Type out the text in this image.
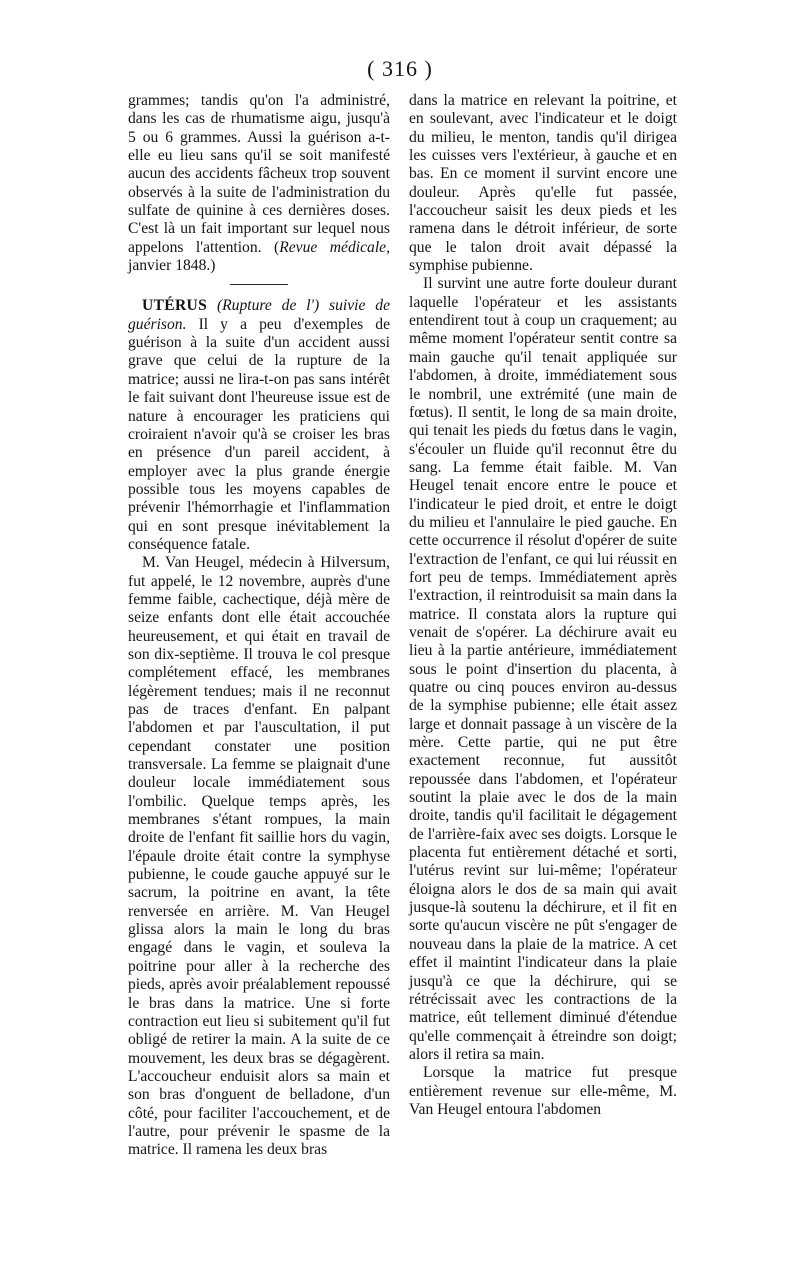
( 316 )

grammes; tandis qu'on l'a administré, dans les cas de rhumatisme aigu, jusqu'à 5 ou 6 grammes. Aussi la guérison a-t-elle eu lieu sans qu'il se soit manifesté aucun des accidents fâcheux trop souvent observés à la suite de l'administration du sulfate de quinine à ces dernières doses. C'est là un fait important sur lequel nous appelons l'attention. (Revue médicale, janvier 1848.)

UTÉRUS (Rupture de l') suivie de guérison. Il y a peu d'exemples de guérison à la suite d'un accident aussi grave que celui de la rupture de la matrice; aussi ne lira-t-on pas sans intérêt le fait suivant dont l'heureuse issue est de nature à encourager les praticiens qui croiraient n'avoir qu'à se croiser les bras en présence d'un pareil accident, à employer avec la plus grande énergie possible tous les moyens capables de prévenir l'hémorrhagie et l'inflammation qui en sont presque inévitablement la conséquence fatale.

M. Van Heugel, médecin à Hilversum, fut appelé, le 12 novembre, auprès d'une femme faible, cachectique, déjà mère de seize enfants dont elle était accouchée heureusement, et qui était en travail de son dix-septième. Il trouva le col presque complétement effacé, les membranes légèrement tendues; mais il ne reconnut pas de traces d'enfant. En palpant l'abdomen et par l'auscultation, il put cependant constater une position transversale. La femme se plaignait d'une douleur locale immédiatement sous l'ombilic. Quelque temps après, les membranes s'étant rompues, la main droite de l'enfant fit saillie hors du vagin, l'épaule droite était contre la symphyse pubienne, le coude gauche appuyé sur le sacrum, la poitrine en avant, la tête renversée en arrière. M. Van Heugel glissa alors la main le long du bras engagé dans le vagin, et souleva la poitrine pour aller à la recherche des pieds, après avoir préalablement repoussé le bras dans la matrice. Une si forte contraction eut lieu si subitement qu'il fut obligé de retirer la main. A la suite de ce mouvement, les deux bras se dégagèrent. L'accoucheur enduisit alors sa main et son bras d'onguent de belladone, d'un côté, pour faciliter l'accouchement, et de l'autre, pour prévenir le spasme de la matrice. Il ramena les deux bras

dans la matrice en relevant la poitrine, et en soulevant, avec l'indicateur et le doigt du milieu, le menton, tandis qu'il dirigea les cuisses vers l'extérieur, à gauche et en bas. En ce moment il survint encore une douleur. Après qu'elle fut passée, l'accoucheur saisit les deux pieds et les ramena dans le détroit inférieur, de sorte que le talon droit avait dépassé la symphise pubienne.

Il survint une autre forte douleur durant laquelle l'opérateur et les assistants entendirent tout à coup un craquement; au même moment l'opérateur sentit contre sa main gauche qu'il tenait appliquée sur l'abdomen, à droite, immédiatement sous le nombril, une extrémité (une main de fœtus). Il sentit, le long de sa main droite, qui tenait les pieds du fœtus dans le vagin, s'écouler un fluide qu'il reconnut être du sang. La femme était faible. M. Van Heugel tenait encore entre le pouce et l'indicateur le pied droit, et entre le doigt du milieu et l'annulaire le pied gauche. En cette occurrence il résolut d'opérer de suite l'extraction de l'enfant, ce qui lui réussit en fort peu de temps. Immédiatement après l'extraction, il reintroduisit sa main dans la matrice. Il constata alors la rupture qui venait de s'opérer. La déchirure avait eu lieu à la partie antérieure, immédiatement sous le point d'insertion du placenta, à quatre ou cinq pouces environ au-dessus de la symphise pubienne; elle était assez large et donnait passage à un viscère de la mère. Cette partie, qui ne put être exactement reconnue, fut aussitôt repoussée dans l'abdomen, et l'opérateur soutint la plaie avec le dos de la main droite, tandis qu'il facilitait le dégagement de l'arrière-faix avec ses doigts. Lorsque le placenta fut entièrement détaché et sorti, l'utérus revint sur lui-même; l'opérateur éloigna alors le dos de sa main qui avait jusque-là soutenu la déchirure, et il fit en sorte qu'aucun viscère ne pût s'engager de nouveau dans la plaie de la matrice. A cet effet il maintint l'indicateur dans la plaie jusqu'à ce que la déchirure, qui se rétrécissait avec les contractions de la matrice, eût tellement diminué d'étendue qu'elle commençait à étreindre son doigt; alors il retira sa main.

Lorsque la matrice fut presque entièrement revenue sur elle-même, M. Van Heugel entoura l'abdomen
